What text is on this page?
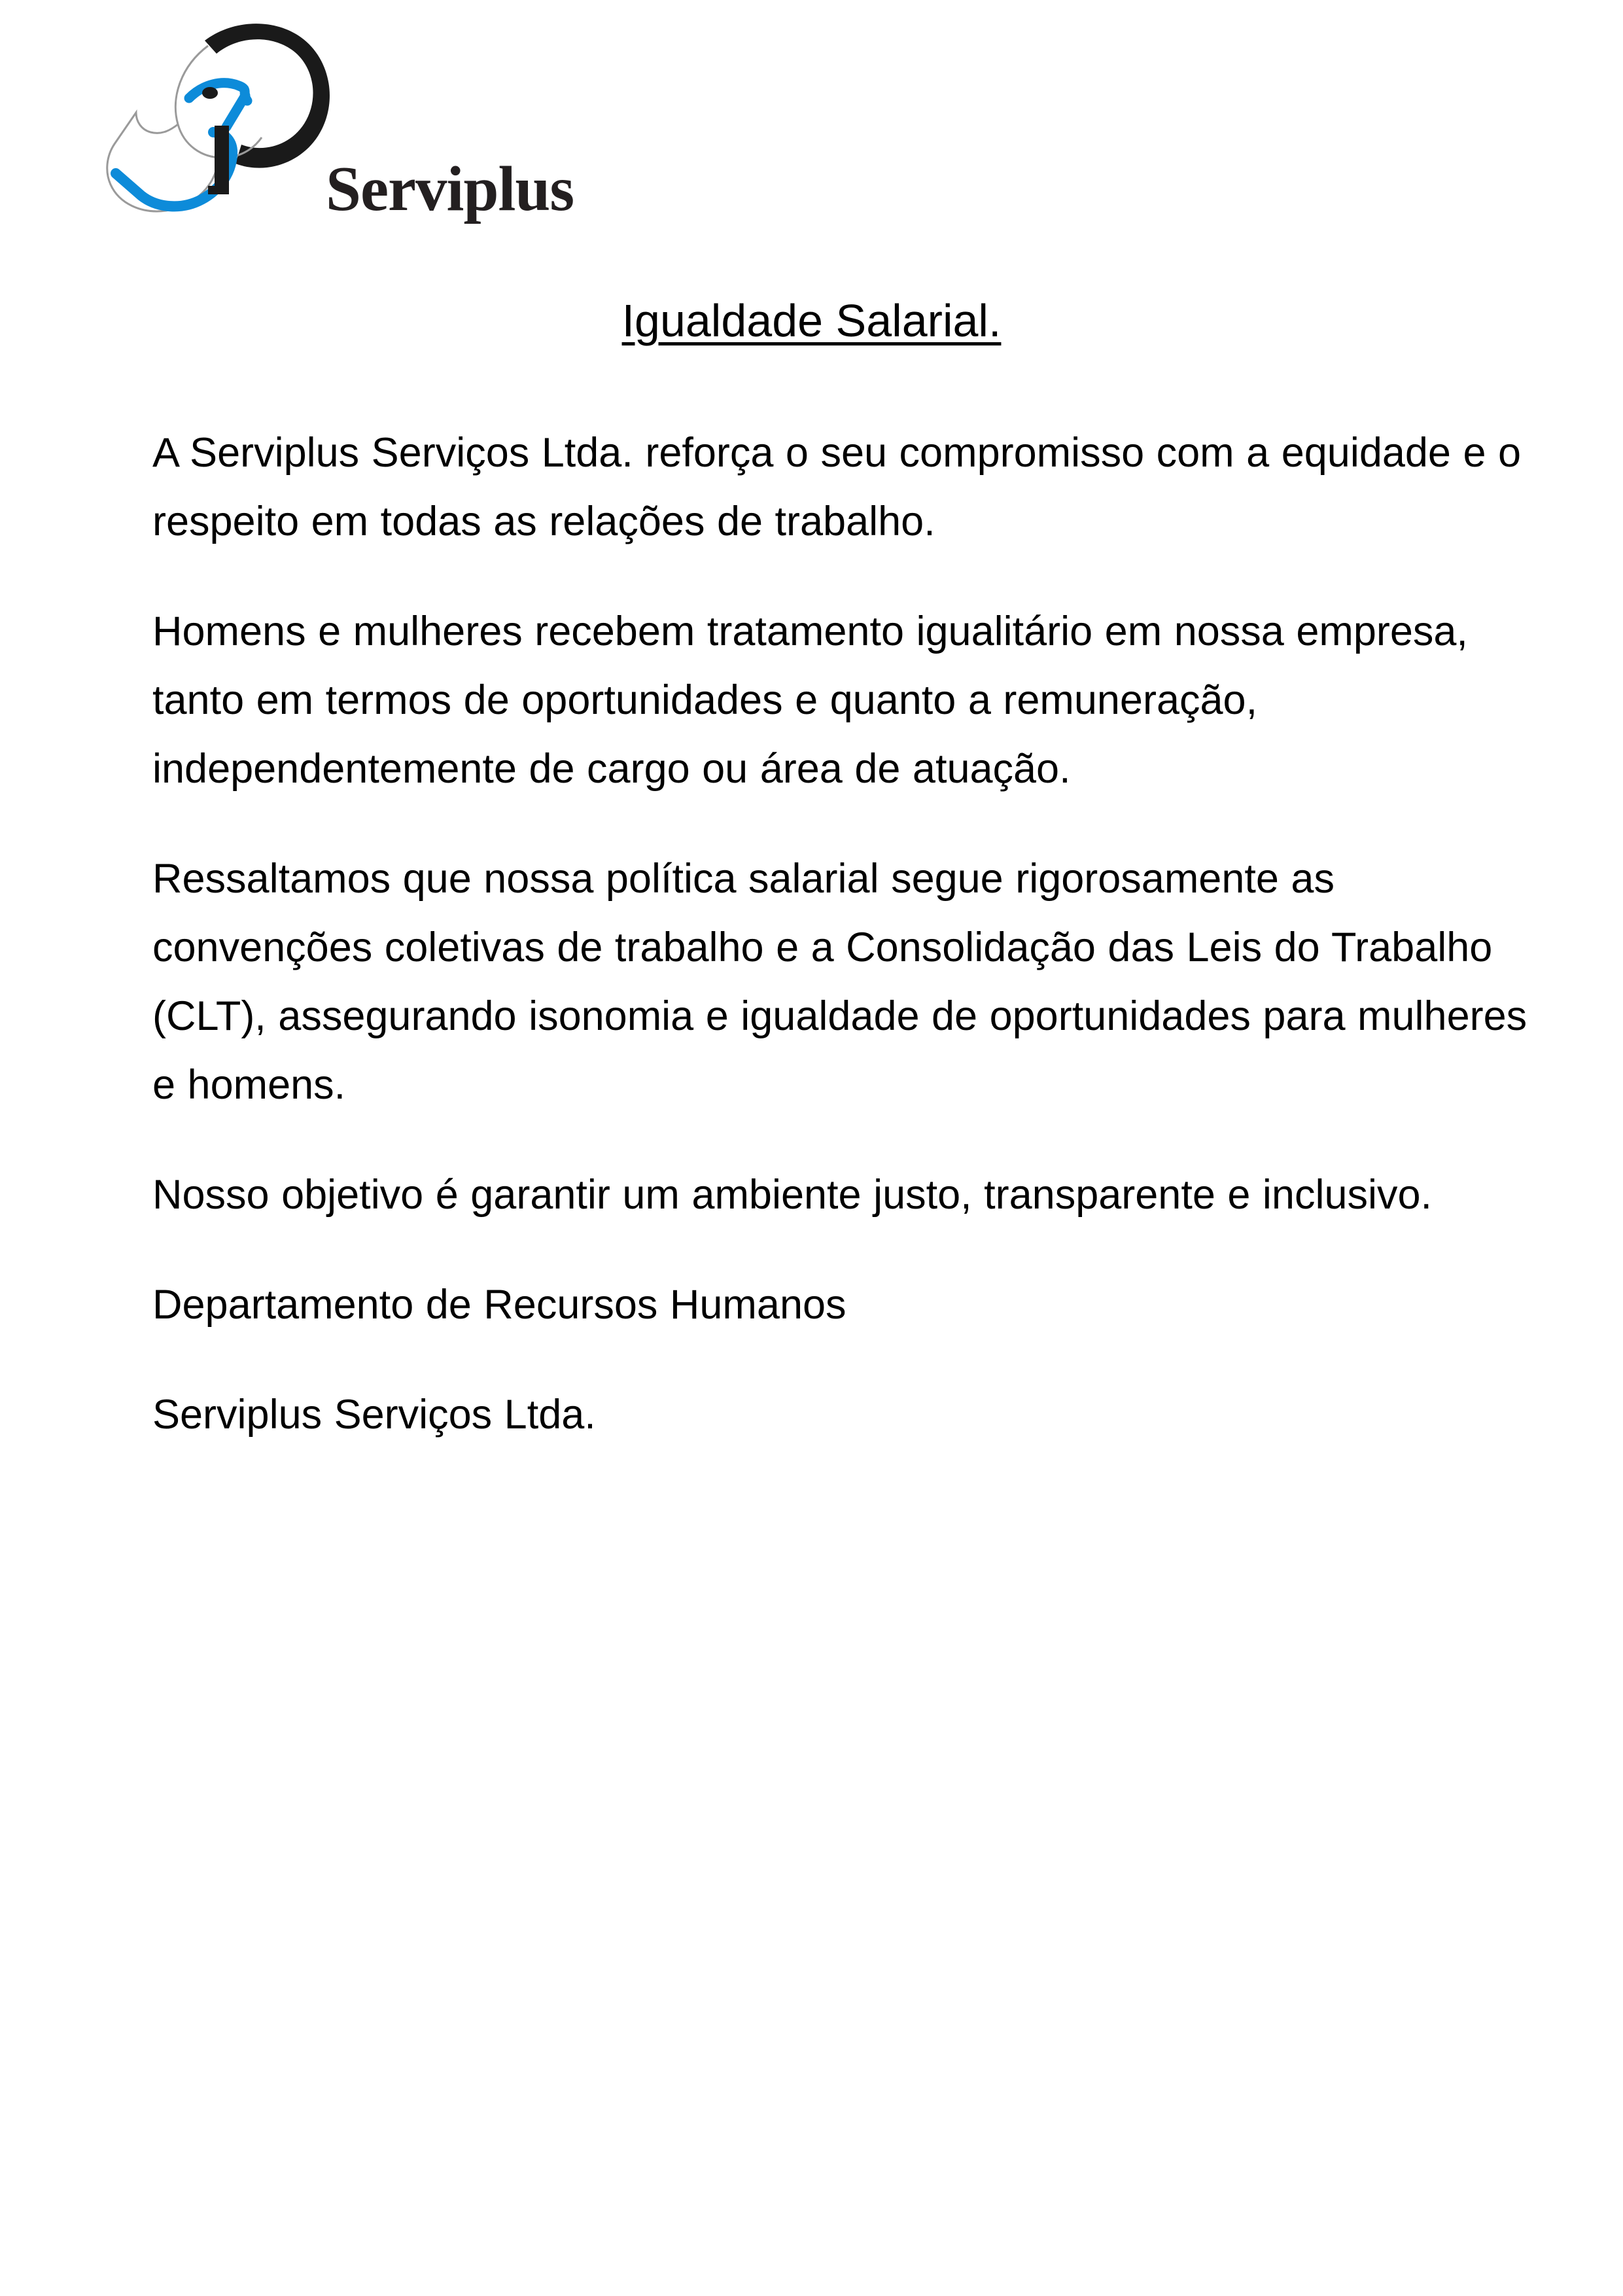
Serviplus
Igualdade Salarial.

A Serviplus Serviços Ltda. reforça o seu compromisso com a equidade e o respeito em todas as relações de trabalho.

Homens e mulheres recebem tratamento igualitário em nossa empresa, tanto em termos de oportunidades e quanto a remuneração, independentemente de cargo ou área de atuação.

Ressaltamos que nossa política salarial segue rigorosamente as convenções coletivas de trabalho e a Consolidação das Leis do Trabalho (CLT), assegurando isonomia e igualdade de oportunidades para mulheres e homens.

Nosso objetivo é garantir um ambiente justo, transparente e inclusivo.

Departamento de Recursos Humanos

Serviplus Serviços Ltda.
